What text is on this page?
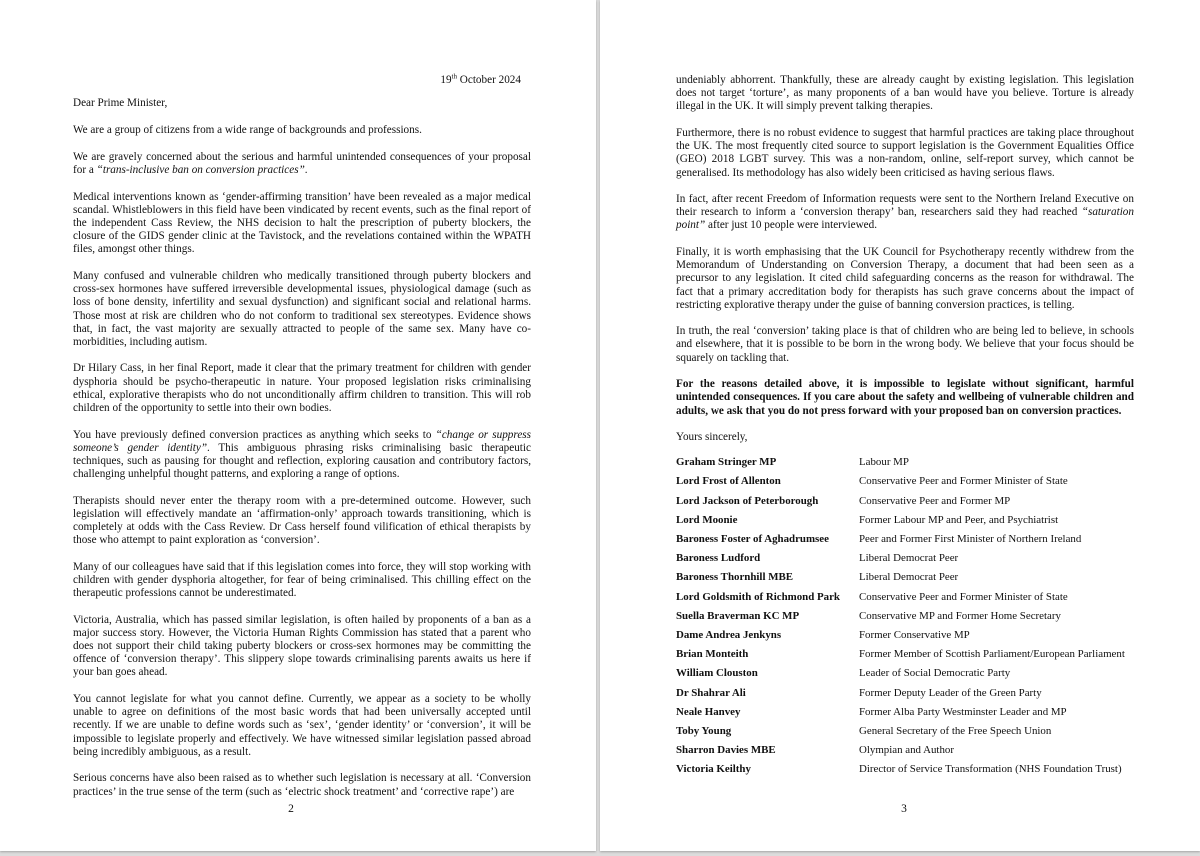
19th October 2024

Dear Prime Minister,

We are a group of citizens from a wide range of backgrounds and professions.

We are gravely concerned about the serious and harmful unintended consequences of your proposal for a “trans-inclusive ban on conversion practices”.

Medical interventions known as ‘gender-affirming transition’ have been revealed as a major medical scandal. Whistleblowers in this field have been vindicated by recent events, such as the final report of the independent Cass Review, the NHS decision to halt the prescription of puberty blockers, the closure of the GIDS gender clinic at the Tavistock, and the revelations contained within the WPATH files, amongst other things.

Many confused and vulnerable children who medically transitioned through puberty blockers and cross-sex hormones have suffered irreversible developmental issues, physiological damage (such as loss of bone density, infertility and sexual dysfunction) and significant social and relational harms. Those most at risk are children who do not conform to traditional sex stereotypes. Evidence shows that, in fact, the vast majority are sexually attracted to people of the same sex. Many have co-morbidities, including autism.

Dr Hilary Cass, in her final Report, made it clear that the primary treatment for children with gender dysphoria should be psycho-therapeutic in nature. Your proposed legislation risks criminalising ethical, explorative therapists who do not unconditionally affirm children to transition. This will rob children of the opportunity to settle into their own bodies.

You have previously defined conversion practices as anything which seeks to “change or suppress someone’s gender identity”. This ambiguous phrasing risks criminalising basic therapeutic techniques, such as pausing for thought and reflection, exploring causation and contributory factors, challenging unhelpful thought patterns, and exploring a range of options.

Therapists should never enter the therapy room with a pre-determined outcome. However, such legislation will effectively mandate an ‘affirmation-only’ approach towards transitioning, which is completely at odds with the Cass Review. Dr Cass herself found vilification of ethical therapists by those who attempt to paint exploration as ‘conversion’.

Many of our colleagues have said that if this legislation comes into force, they will stop working with children with gender dysphoria altogether, for fear of being criminalised. This chilling effect on the therapeutic professions cannot be underestimated.

Victoria, Australia, which has passed similar legislation, is often hailed by proponents of a ban as a major success story. However, the Victoria Human Rights Commission has stated that a parent who does not support their child taking puberty blockers or cross-sex hormones may be committing the offence of ‘conversion therapy’. This slippery slope towards criminalising parents awaits us here if your ban goes ahead.

You cannot legislate for what you cannot define. Currently, we appear as a society to be wholly unable to agree on definitions of the most basic words that had been universally accepted until recently. If we are unable to define words such as ‘sex’, ‘gender identity’ or ‘conversion’, it will be impossible to legislate properly and effectively. We have witnessed similar legislation passed abroad being incredibly ambiguous, as a result.

Serious concerns have also been raised as to whether such legislation is necessary at all. ‘Conversion practices’ in the true sense of the term (such as ‘electric shock treatment’ and ‘corrective rape’) are

2

undeniably abhorrent. Thankfully, these are already caught by existing legislation. This legislation does not target ‘torture’, as many proponents of a ban would have you believe. Torture is already illegal in the UK. It will simply prevent talking therapies.

Furthermore, there is no robust evidence to suggest that harmful practices are taking place throughout the UK. The most frequently cited source to support legislation is the Government Equalities Office (GEO) 2018 LGBT survey. This was a non-random, online, self-report survey, which cannot be generalised. Its methodology has also widely been criticised as having serious flaws.

In fact, after recent Freedom of Information requests were sent to the Northern Ireland Executive on their research to inform a ‘conversion therapy’ ban, researchers said they had reached “saturation point” after just 10 people were interviewed.

Finally, it is worth emphasising that the UK Council for Psychotherapy recently withdrew from the Memorandum of Understanding on Conversion Therapy, a document that had been seen as a precursor to any legislation. It cited child safeguarding concerns as the reason for withdrawal. The fact that a primary accreditation body for therapists has such grave concerns about the impact of restricting explorative therapy under the guise of banning conversion practices, is telling.

In truth, the real ‘conversion’ taking place is that of children who are being led to believe, in schools and elsewhere, that it is possible to be born in the wrong body. We believe that your focus should be squarely on tackling that.

For the reasons detailed above, it is impossible to legislate without significant, harmful unintended consequences. If you care about the safety and wellbeing of vulnerable children and adults, we ask that you do not press forward with your proposed ban on conversion practices.

Yours sincerely,

Graham Stringer MP	Labour MP
Lord Frost of Allenton	Conservative Peer and Former Minister of State
Lord Jackson of Peterborough	Conservative Peer and Former MP
Lord Moonie	Former Labour MP and Peer, and Psychiatrist
Baroness Foster of Aghadrumsee	Peer and Former First Minister of Northern Ireland
Baroness Ludford	Liberal Democrat Peer
Baroness Thornhill MBE	Liberal Democrat Peer
Lord Goldsmith of Richmond Park	Conservative Peer and Former Minister of State
Suella Braverman KC MP	Conservative MP and Former Home Secretary
Dame Andrea Jenkyns	Former Conservative MP
Brian Monteith	Former Member of Scottish Parliament/European Parliament
William Clouston	Leader of Social Democratic Party
Dr Shahrar Ali	Former Deputy Leader of the Green Party
Neale Hanvey	Former Alba Party Westminster Leader and MP
Toby Young	General Secretary of the Free Speech Union
Sharron Davies MBE	Olympian and Author
Victoria Keilthy	Director of Service Transformation (NHS Foundation Trust)
3
